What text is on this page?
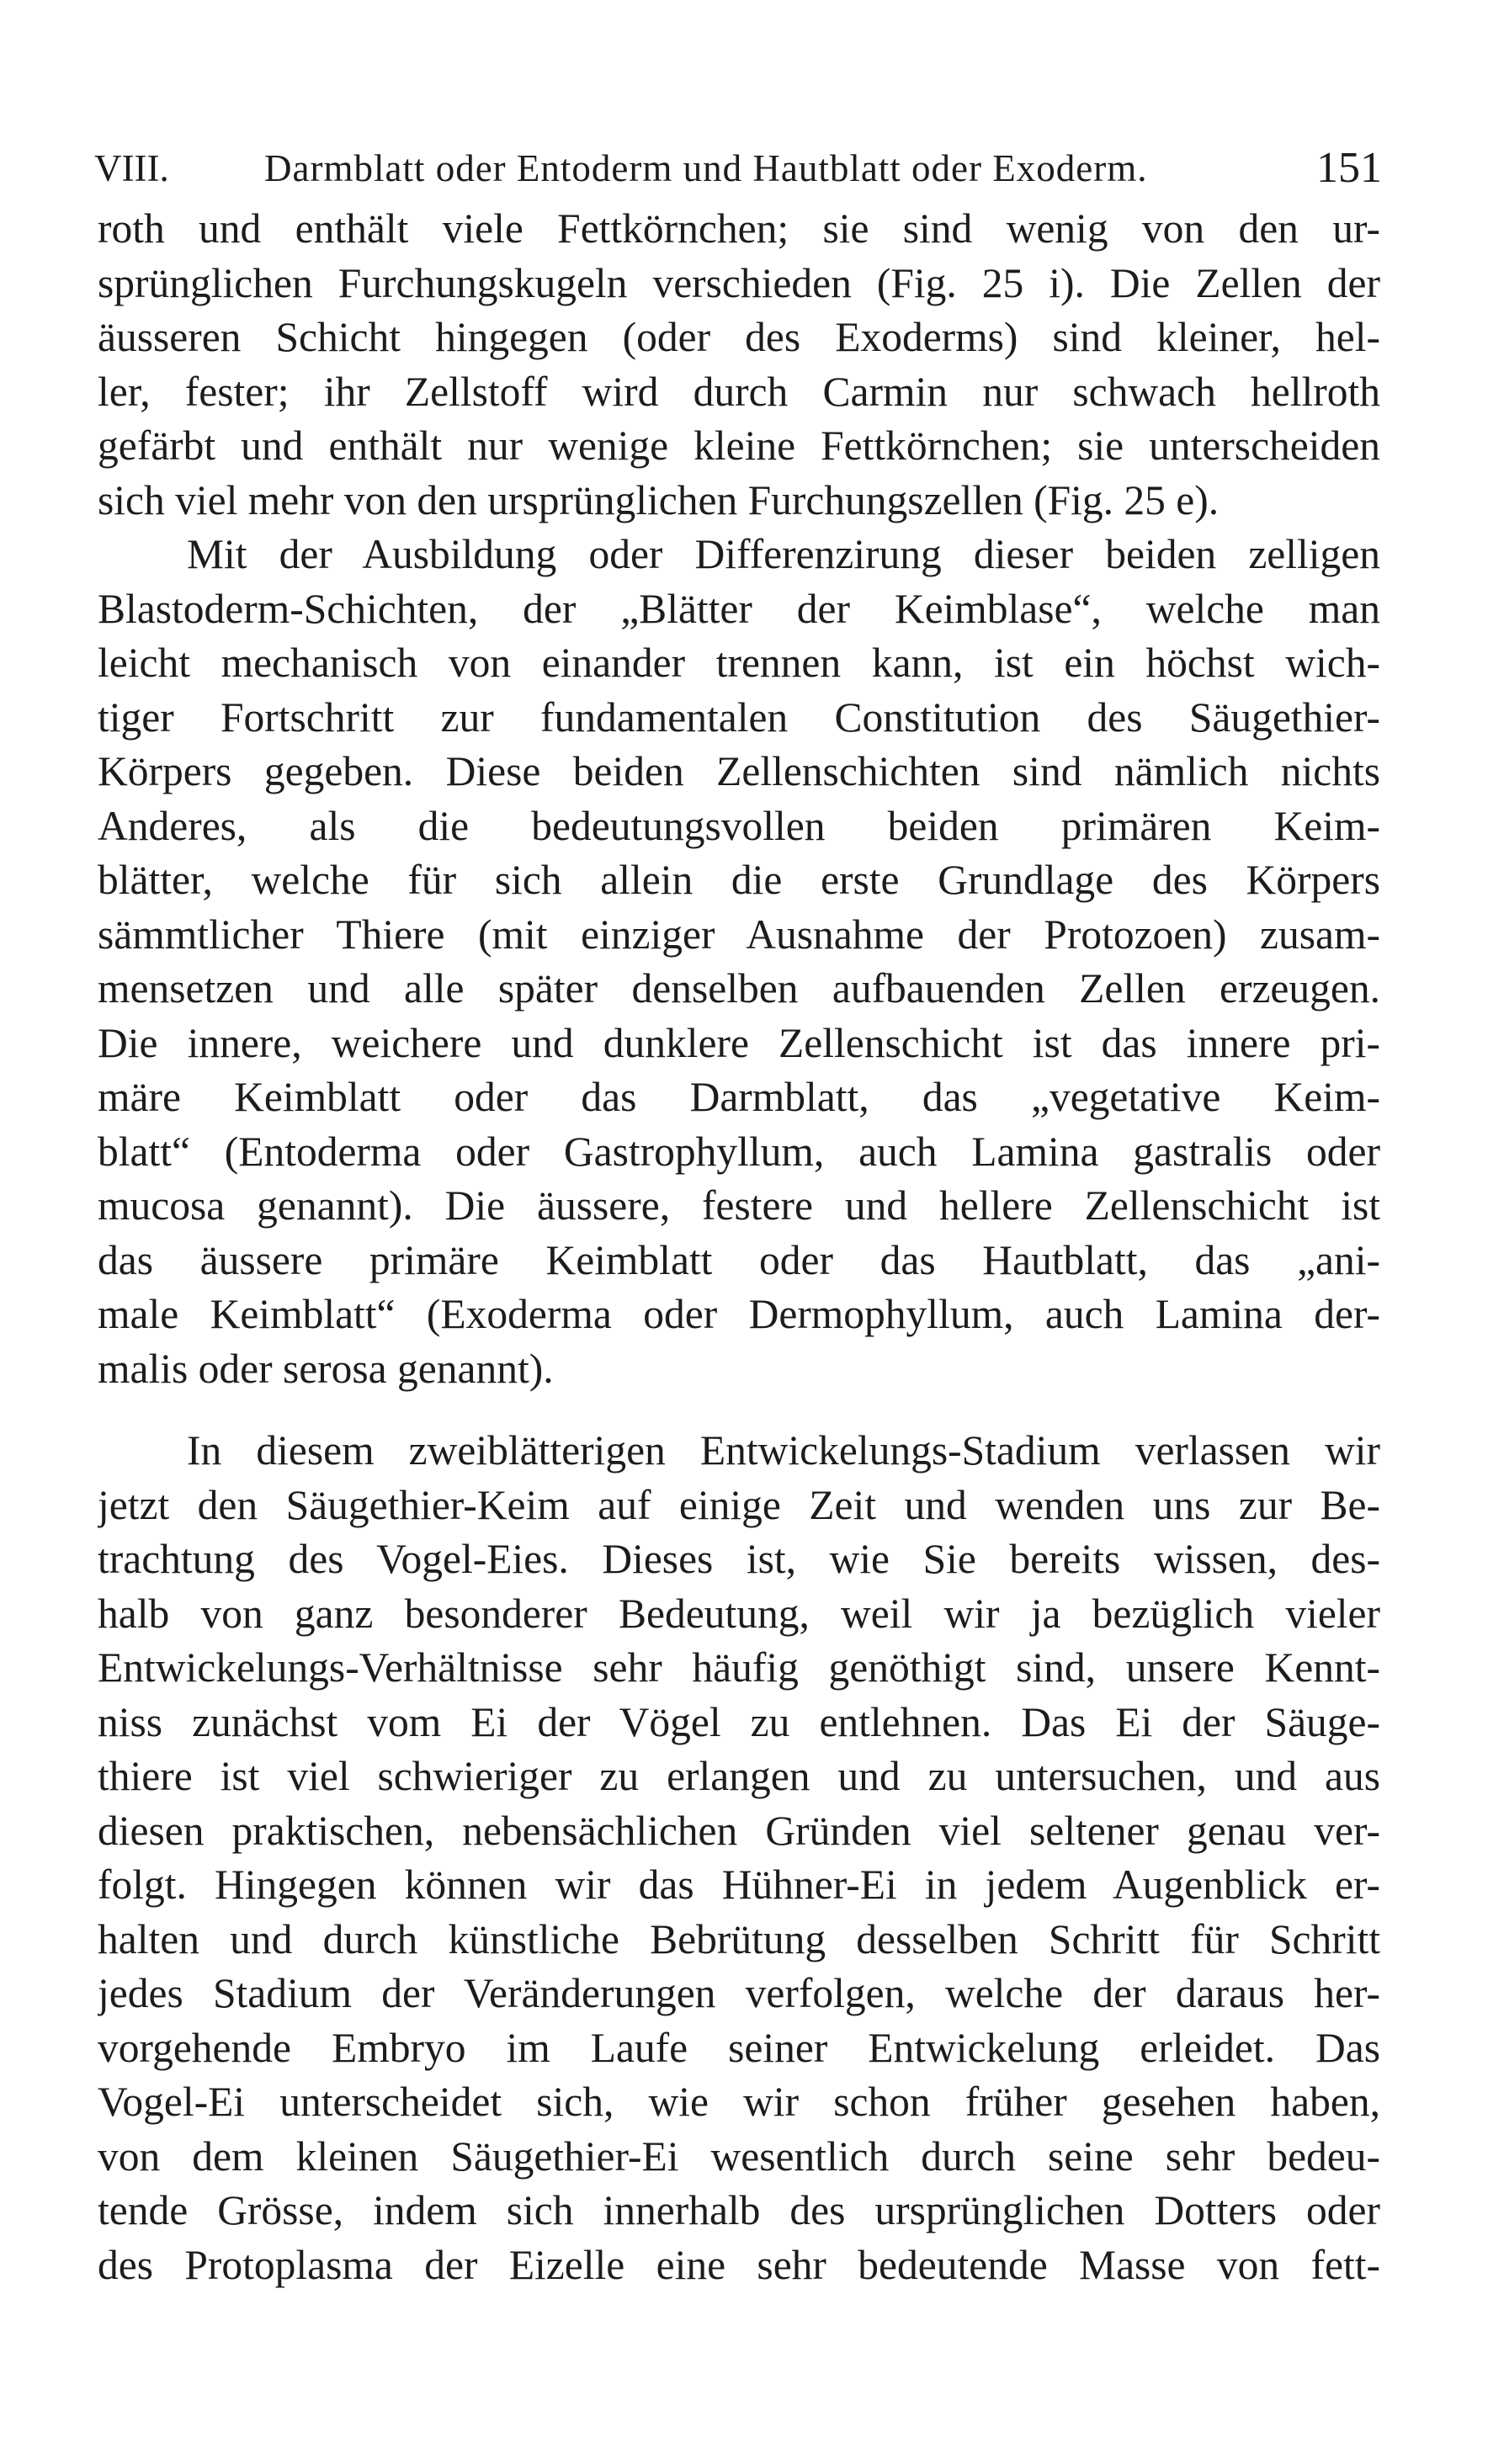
VIII.	Darmblatt oder Entoderm und Hautblatt oder Exoderm.	151
roth und enthält viele Fettkörnchen; sie sind wenig von den ur-
sprünglichen Furchungskugeln verschieden (Fig. 25 i). Die Zellen der
äusseren Schicht hingegen (oder des Exoderms) sind kleiner, hel-
ler, fester; ihr Zellstoff wird durch Carmin nur schwach hellroth
gefärbt und enthält nur wenige kleine Fettkörnchen; sie unterscheiden
sich viel mehr von den ursprünglichen Furchungszellen (Fig. 25 e).
Mit der Ausbildung oder Differenzirung dieser beiden zelligen
Blastoderm-Schichten, der „Blätter der Keimblase“, welche man
leicht mechanisch von einander trennen kann, ist ein höchst wich-
tiger Fortschritt zur fundamentalen Constitution des Säugethier-
Körpers gegeben. Diese beiden Zellenschichten sind nämlich nichts
Anderes, als die bedeutungsvollen beiden primären Keim-
blätter, welche für sich allein die erste Grundlage des Körpers
sämmtlicher Thiere (mit einziger Ausnahme der Protozoen) zusam-
mensetzen und alle später denselben aufbauenden Zellen erzeugen.
Die innere, weichere und dunklere Zellenschicht ist das innere pri-
märe Keimblatt oder das Darmblatt, das „vegetative Keim-
blatt“ (Entoderma oder Gastrophyllum, auch Lamina gastralis oder
mucosa genannt). Die äussere, festere und hellere Zellenschicht ist
das äussere primäre Keimblatt oder das Hautblatt, das „ani-
male Keimblatt“ (Exoderma oder Dermophyllum, auch Lamina der-
malis oder serosa genannt).
In diesem zweiblätterigen Entwickelungs-Stadium verlassen wir
jetzt den Säugethier-Keim auf einige Zeit und wenden uns zur Be-
trachtung des Vogel-Eies. Dieses ist, wie Sie bereits wissen, des-
halb von ganz besonderer Bedeutung, weil wir ja bezüglich vieler
Entwickelungs-Verhältnisse sehr häufig genöthigt sind, unsere Kennt-
niss zunächst vom Ei der Vögel zu entlehnen. Das Ei der Säuge-
thiere ist viel schwieriger zu erlangen und zu untersuchen, und aus
diesen praktischen, nebensächlichen Gründen viel seltener genau ver-
folgt. Hingegen können wir das Hühner-Ei in jedem Augenblick er-
halten und durch künstliche Bebrütung desselben Schritt für Schritt
jedes Stadium der Veränderungen verfolgen, welche der daraus her-
vorgehende Embryo im Laufe seiner Entwickelung erleidet. Das
Vogel-Ei unterscheidet sich, wie wir schon früher gesehen haben,
von dem kleinen Säugethier-Ei wesentlich durch seine sehr bedeu-
tende Grösse, indem sich innerhalb des ursprünglichen Dotters oder
des Protoplasma der Eizelle eine sehr bedeutende Masse von fett-
